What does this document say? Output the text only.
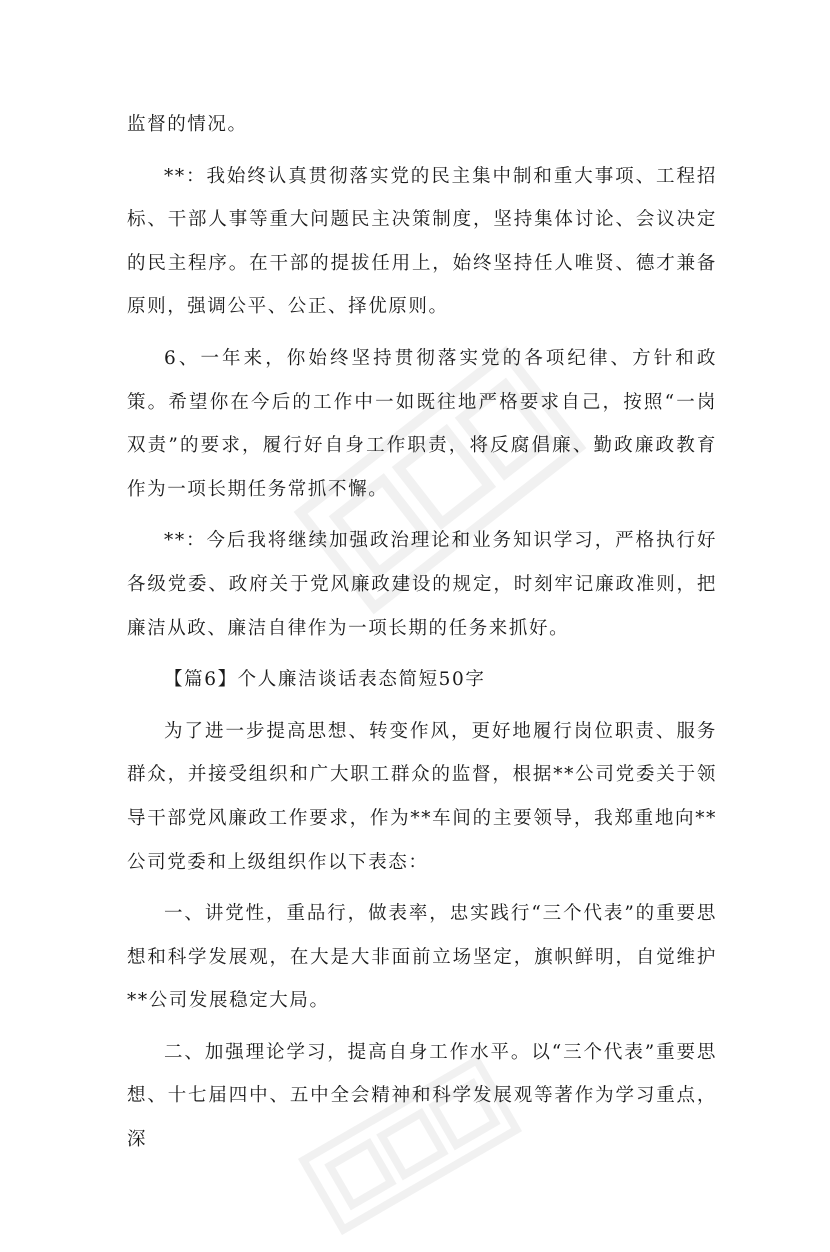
监督的情况。

**：我始终认真贯彻落实党的民主集中制和重大事项、工程招标、干部人事等重大问题民主决策制度，坚持集体讨论、会议决定的民主程序。在干部的提拔任用上，始终坚持任人唯贤、德才兼备原则，强调公平、公正、择优原则。

6、一年来，你始终坚持贯彻落实党的各项纪律、方针和政策。希望你在今后的工作中一如既往地严格要求自己，按照“一岗双责”的要求，履行好自身工作职责，将反腐倡廉、勤政廉政教育作为一项长期任务常抓不懈。

**：今后我将继续加强政治理论和业务知识学习，严格执行好各级党委、政府关于党风廉政建设的规定，时刻牢记廉政准则，把廉洁从政、廉洁自律作为一项长期的任务来抓好。

【篇6】个人廉洁谈话表态简短50字

为了进一步提高思想、转变作风，更好地履行岗位职责、服务群众，并接受组织和广大职工群众的监督，根据**公司党委关于领导干部党风廉政工作要求，作为**车间的主要领导，我郑重地向**公司党委和上级组织作以下表态：

一、讲党性，重品行，做表率，忠实践行“三个代表”的重要思想和科学发展观，在大是大非面前立场坚定，旗帜鲜明，自觉维护**公司发展稳定大局。

二、加强理论学习，提高自身工作水平。以“三个代表”重要思想、十七届四中、五中全会精神和科学发展观等著作为学习重点，深
